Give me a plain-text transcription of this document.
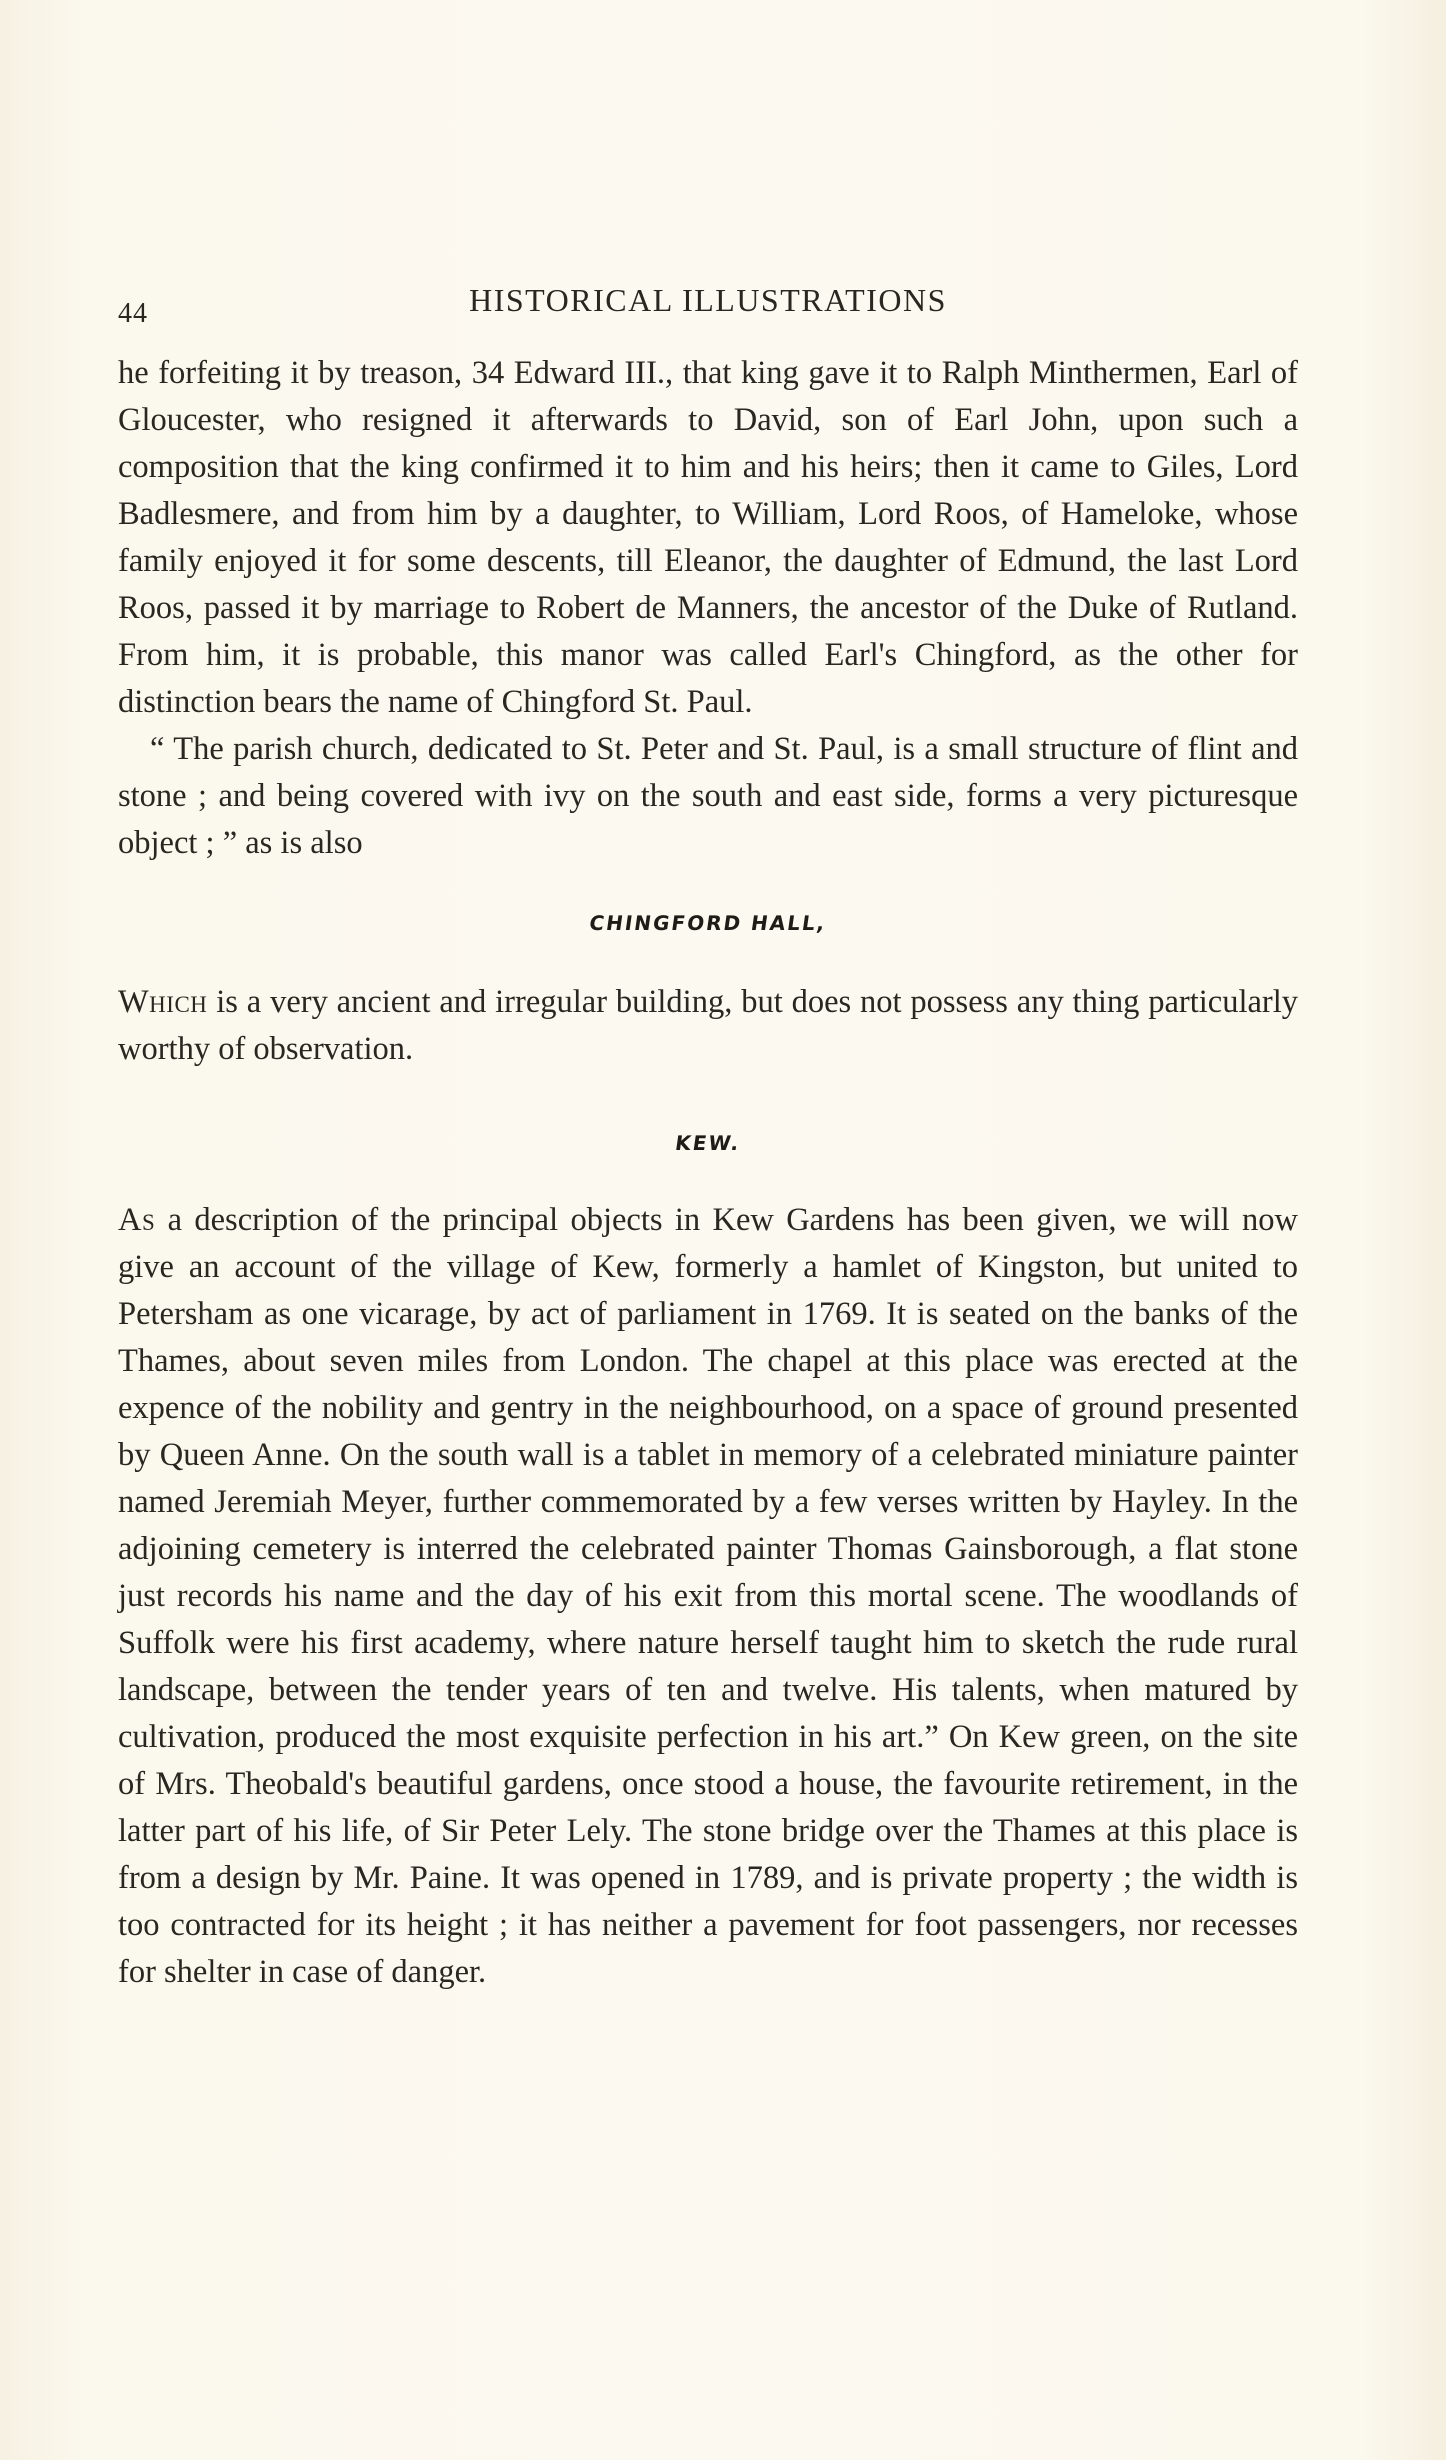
44	HISTORICAL ILLUSTRATIONS

he forfeiting it by treason, 34 Edward III., that king gave it to Ralph Minthermen, Earl of Gloucester, who resigned it afterwards to David, son of Earl John, upon such a composition that the king confirmed it to him and his heirs; then it came to Giles, Lord Badlesmere, and from him by a daughter, to William, Lord Roos, of Hameloke, whose family enjoyed it for some descents, till Eleanor, the daughter of Edmund, the last Lord Roos, passed it by marriage to Robert de Manners, the ancestor of the Duke of Rutland. From him, it is probable, this manor was called Earl's Chingford, as the other for distinction bears the name of Chingford St. Paul.

“ The parish church, dedicated to St. Peter and St. Paul, is a small structure of flint and stone ; and being covered with ivy on the south and east side, forms a very picturesque object ; ” as is also

CHINGFORD HALL,

Which is a very ancient and irregular building, but does not possess any thing particularly worthy of observation.

KEW.

As a description of the principal objects in Kew Gardens has been given, we will now give an account of the village of Kew, formerly a hamlet of Kingston, but united to Petersham as one vicarage, by act of parliament in 1769. It is seated on the banks of the Thames, about seven miles from London. The chapel at this place was erected at the expence of the nobility and gentry in the neighbourhood, on a space of ground presented by Queen Anne. On the south wall is a tablet in memory of a celebrated miniature painter named Jeremiah Meyer, further commemorated by a few verses written by Hayley. In the adjoining cemetery is interred the celebrated painter Thomas Gainsborough, a flat stone just records his name and the day of his exit from this mortal scene. The woodlands of Suffolk were his first academy, where nature herself taught him to sketch the rude rural landscape, between the tender years of ten and twelve. His talents, when matured by cultivation, produced the most exquisite perfection in his art.” On Kew green, on the site of Mrs. Theobald's beautiful gardens, once stood a house, the favourite retirement, in the latter part of his life, of Sir Peter Lely. The stone bridge over the Thames at this place is from a design by Mr. Paine. It was opened in 1789, and is private property ; the width is too contracted for its height ; it has neither a pavement for foot passengers, nor recesses for shelter in case of danger.
